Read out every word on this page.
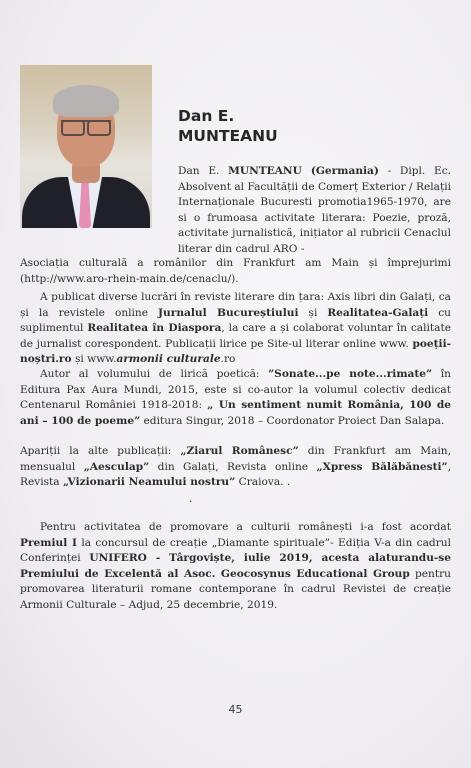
Dan E.
MUNTEANU

Dan E. MUNTEANU (Germania) - Dipl. Ec. Absolvent al Facultății de Comerț Exterior / Relații Internaționale Bucuresti promotia1965-1970, are si o frumoasa activitate literara: Poezie, proză, activitate jurnalistică, inițiator al rubricii Cenaclul literar din cadrul ARO -

Asociația culturală a românilor din Frankfurt am Main și împrejurimi (http://www.aro-rhein-main.de/cenaclu/).

A publicat diverse lucrări în reviste literare din țara: Axis libri din Galați, ca și la revistele online Jurnalul Bucureștiului și Realitatea-Galați cu suplimentul Realitatea în Diaspora, la care a și colaborat voluntar în calitate de jurnalist corespondent. Publicații lirice pe Site-ul literar online www. poeții-noștri.ro și www.armonii culturale.ro

Autor al volumului de lirică poetică: ”Sonate...pe note...rimate” în Editura Pax Aura Mundi, 2015, este si co-autor la volumul colectiv dedicat Centenarul României 1918-2018: „ Un sentiment numit România, 100 de ani – 100 de poeme” editura Singur, 2018 – Coordonator Proiect Dan Salapa.

Apariții la alte publicații: „Ziarul Românesc” din Frankfurt am Main, mensualul „Aesculap” din Galați, Revista online „Xpress Bălăbănesti”, Revista „Vizionarii Neamului nostru” Craiova. .

.

Pentru activitatea de promovare a culturii românești i-a fost acordat Premiul I la concursul de creație „Diamante spirituale”- Ediția V-a din cadrul Conferinței UNIFERO - Târgoviște, iulie 2019, acesta alaturandu-se Premiului de Excelentă al Asoc. Geocosynus Educational Group pentru promovarea literaturii romane contemporane în cadrul Revistei de creație Armonii Culturale – Adjud, 25 decembrie, 2019.

45
